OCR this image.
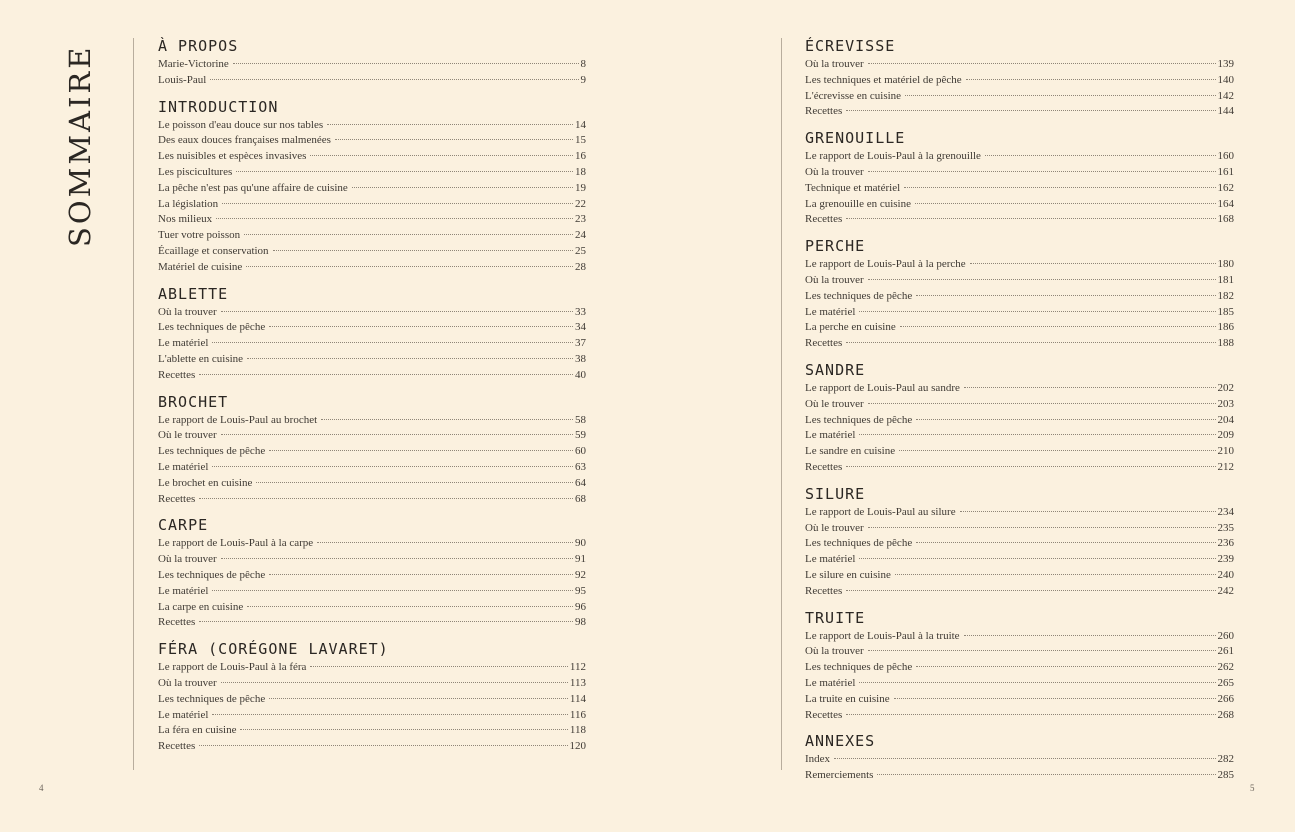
SOMMAIRE	À PROPOS
Marie-Victorine	8
Louis-Paul	9
INTRODUCTION
Le poisson d'eau douce sur nos tables	14
Des eaux douces françaises malmenées	15
Les nuisibles et espèces invasives	16
Les piscicultures	18
La pêche n'est pas qu'une affaire de cuisine	19
La législation	22
Nos milieux	23
Tuer votre poisson	24
Écaillage et conservation	25
Matériel de cuisine	28
ABLETTE
Où la trouver	33
Les techniques de pêche	34
Le matériel	37
L'ablette en cuisine	38
Recettes	40
BROCHET
Le rapport de Louis-Paul au brochet	58
Où le trouver	59
Les techniques de pêche	60
Le matériel	63
Le brochet en cuisine	64
Recettes	68
CARPE
Le rapport de Louis-Paul à la carpe	90
Où la trouver	91
Les techniques de pêche	92
Le matériel	95
La carpe en cuisine	96
Recettes	98
FÉRA (CORÉGONE LAVARET)
Le rapport de Louis-Paul à la féra	112
Où la trouver	113
Les techniques de pêche	114
Le matériel	116
La féra en cuisine	118
Recettes	120
ÉCREVISSE
Où la trouver	139
Les techniques et matériel de pêche	140
L'écrevisse en cuisine	142
Recettes	144
GRENOUILLE
Le rapport de Louis-Paul à la grenouille	160
Où la trouver	161
Technique et matériel	162
La grenouille en cuisine	164
Recettes	168
PERCHE
Le rapport de Louis-Paul à la perche	180
Où la trouver	181
Les techniques de pêche	182
Le matériel	185
La perche en cuisine	186
Recettes	188
SANDRE
Le rapport de Louis-Paul au sandre	202
Où le trouver	203
Les techniques de pêche	204
Le matériel	209
Le sandre en cuisine	210
Recettes	212
SILURE
Le rapport de Louis-Paul au silure	234
Où le trouver	235
Les techniques de pêche	236
Le matériel	239
Le silure en cuisine	240
Recettes	242
TRUITE
Le rapport de Louis-Paul à la truite	260
Où la trouver	261
Les techniques de pêche	262
Le matériel	265
La truite en cuisine	266
Recettes	268
ANNEXES
Index	282
Remerciements	285
4	5
